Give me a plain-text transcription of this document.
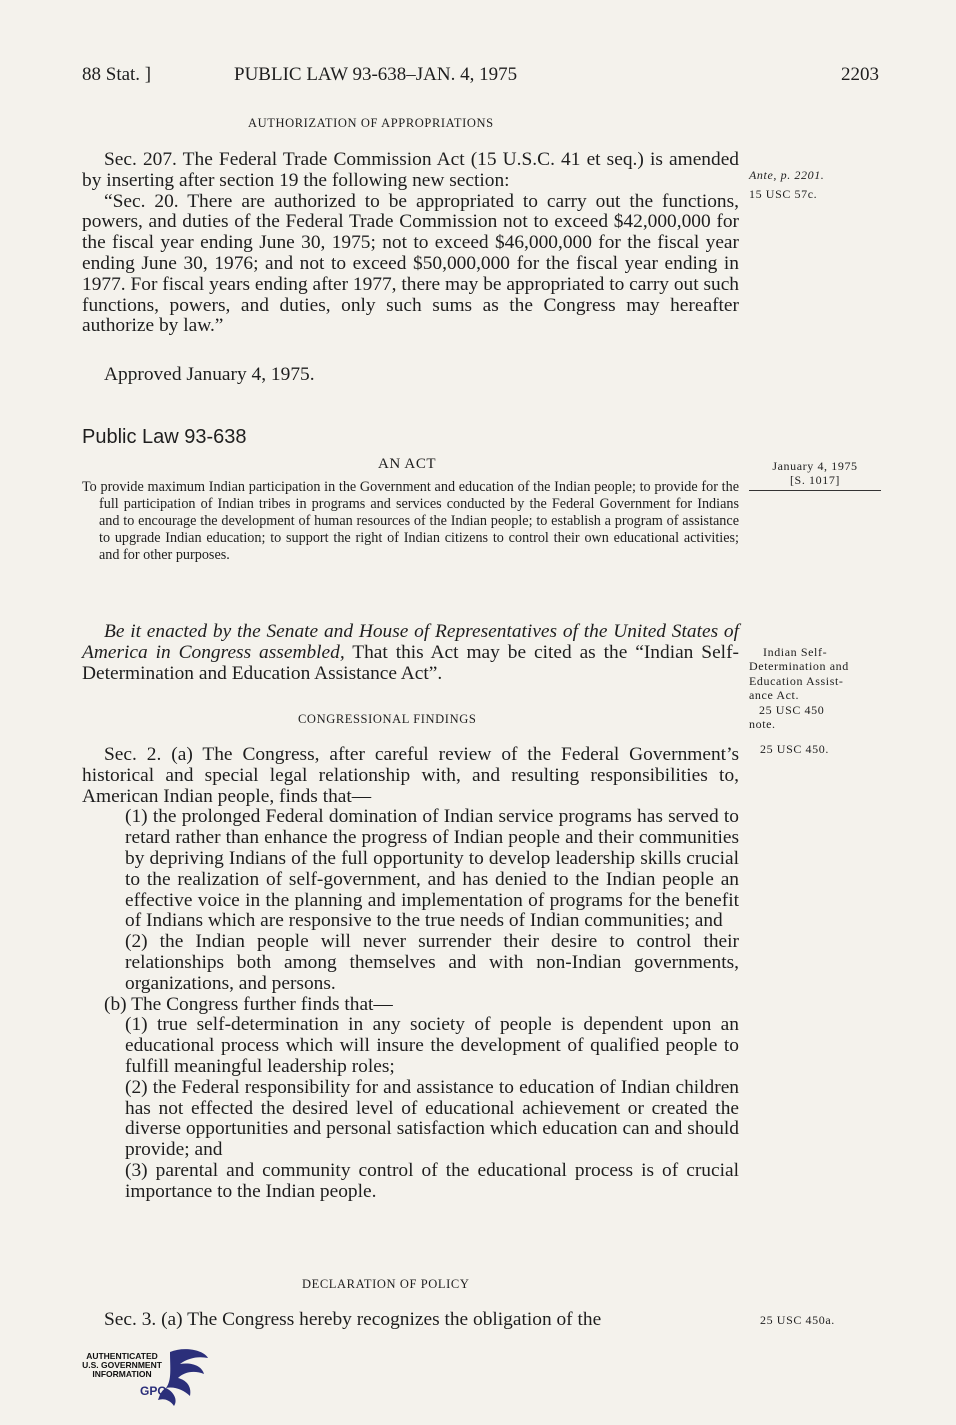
88 Stat. ]	PUBLIC LAW 93-638–JAN. 4, 1975	2203
AUTHORIZATION OF APPROPRIATIONS

Sec. 207. The Federal Trade Commission Act (15 U.S.C. 41 et seq.) is amended by inserting after section 19 the following new section:

“Sec. 20. There are authorized to be appropriated to carry out the functions, powers, and duties of the Federal Trade Commission not to exceed $42,000,000 for the fiscal year ending June 30, 1975; not to exceed $46,000,000 for the fiscal year ending June 30, 1976; and not to exceed $50,000,000 for the fiscal year ending in 1977. For fiscal years ending after 1977, there may be appropriated to carry out such functions, powers, and duties, only such sums as the Congress may hereafter authorize by law.”

Approved January 4, 1975.
Public Law 93-638
AN ACT

To provide maximum Indian participation in the Government and education of the Indian people; to provide for the full participation of Indian tribes in programs and services conducted by the Federal Government for Indians and to encourage the development of human resources of the Indian people; to establish a program of assistance to upgrade Indian education; to support the right of Indian citizens to control their own educational activities; and for other purposes.

Be it enacted by the Senate and House of Representatives of the United States of America in Congress assembled, That this Act may be cited as the “Indian Self-Determination and Education Assistance Act”.

CONGRESSIONAL FINDINGS

Sec. 2. (a) The Congress, after careful review of the Federal Government’s historical and special legal relationship with, and resulting responsibilities to, American Indian people, finds that—

(1) the prolonged Federal domination of Indian service programs has served to retard rather than enhance the progress of Indian people and their communities by depriving Indians of the full opportunity to develop leadership skills crucial to the realization of self-government, and has denied to the Indian people an effective voice in the planning and implementation of programs for the benefit of Indians which are responsive to the true needs of Indian communities; and

(2) the Indian people will never surrender their desire to control their relationships both among themselves and with non-Indian governments, organizations, and persons.

(b) The Congress further finds that—

(1) true self-determination in any society of people is dependent upon an educational process which will insure the development of qualified people to fulfill meaningful leadership roles;

(2) the Federal responsibility for and assistance to education of Indian children has not effected the desired level of educational achievement or created the diverse opportunities and personal satisfaction which education can and should provide; and

(3) parental and community control of the educational process is of crucial importance to the Indian people.

DECLARATION OF POLICY

Sec. 3. (a) The Congress hereby recognizes the obligation of the

Ante, p. 2201.
15 USC 57c.
January 4, 1975
[S. 1017]
Indian Self-
Determination and
Education Assist-
ance Act.
25 USC 450
note.
25 USC 450.
25 USC 450a.
AUTHENTICATED
U.S. GOVERNMENT
INFORMATION
GPO
